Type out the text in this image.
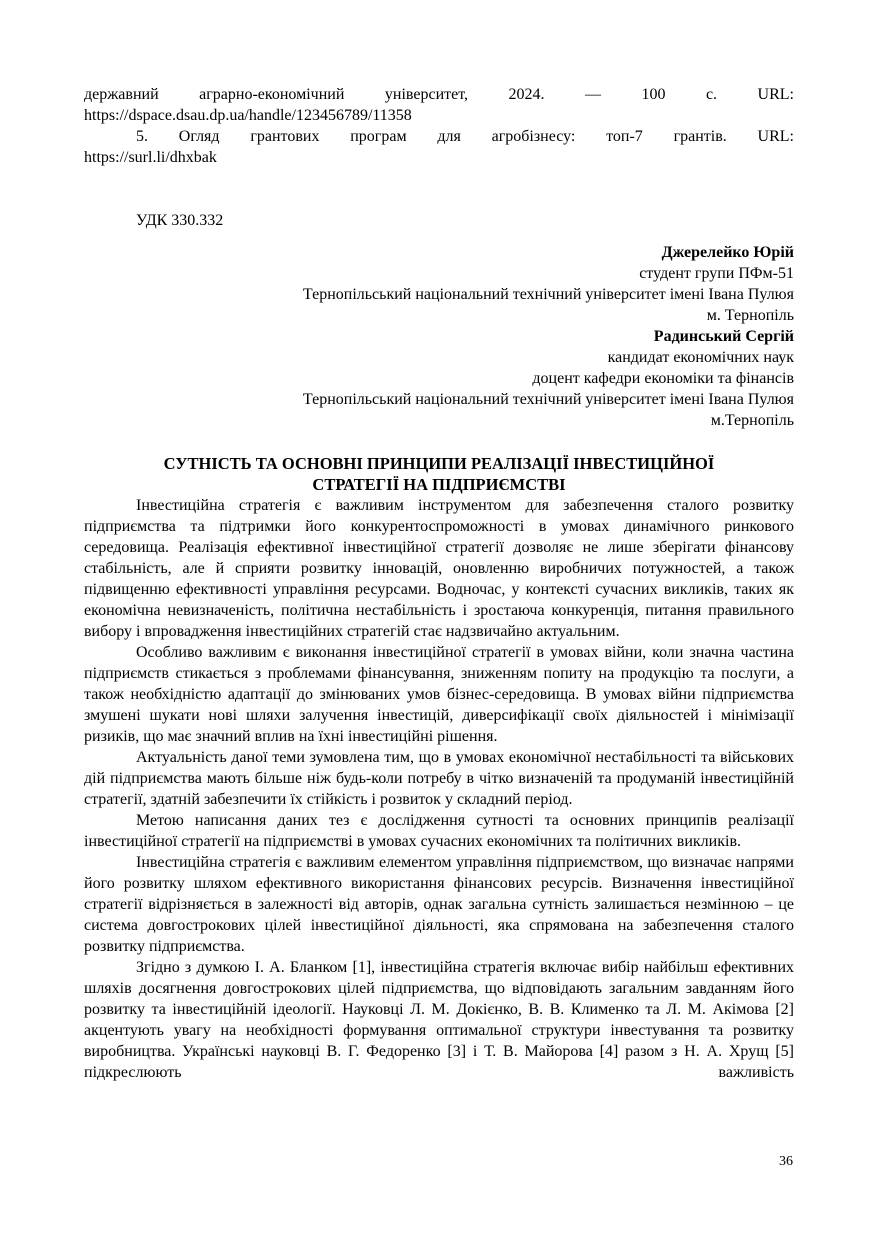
державний аграрно-економічний університет, 2024. — 100 с. URL:
https://dspace.dsau.dp.ua/handle/123456789/11358
5. Огляд грантових програм для агробізнесу: топ-7 грантів. URL:
https://surl.li/dhxbak
УДК 330.332
Джерелейко Юрій
студент групи ПФм-51
Тернопільський національний технічний університет імені Івана Пулюя
м. Тернопіль
Радинський Сергій
кандидат економічних наук
доцент кафедри економіки та фінансів
Тернопільський національний технічний університет імені Івана Пулюя
м.Тернопіль
СУТНІСТЬ ТА ОСНОВНІ ПРИНЦИПИ РЕАЛІЗАЦІЇ ІНВЕСТИЦІЙНОЇ
СТРАТЕГІЇ НА ПІДПРИЄМСТВІ

Інвестиційна стратегія є важливим інструментом для забезпечення сталого розвитку підприємства та підтримки його конкурентоспроможності в умовах динамічного ринкового середовища. Реалізація ефективної інвестиційної стратегії дозволяє не лише зберігати фінансову стабільність, але й сприяти розвитку інновацій, оновленню виробничих потужностей, а також підвищенню ефективності управління ресурсами. Водночас, у контексті сучасних викликів, таких як економічна невизначеність, політична нестабільність і зростаюча конкуренція, питання правильного вибору і впровадження інвестиційних стратегій стає надзвичайно актуальним.

Особливо важливим є виконання інвестиційної стратегії в умовах війни, коли значна частина підприємств стикається з проблемами фінансування, зниженням попиту на продукцію та послуги, а також необхідністю адаптації до змінюваних умов бізнес-середовища. В умовах війни підприємства змушені шукати нові шляхи залучення інвестицій, диверсифікації своїх діяльностей і мінімізації ризиків, що має значний вплив на їхні інвестиційні рішення.

Актуальність даної теми зумовлена тим, що в умовах економічної нестабільності та військових дій підприємства мають більше ніж будь-коли потребу в чітко визначеній та продуманій інвестиційній стратегії, здатній забезпечити їх стійкість і розвиток у складний період.

Метою написання даних тез є дослідження сутності та основних принципів реалізації інвестиційної стратегії на підприємстві в умовах сучасних економічних та політичних викликів.

Інвестиційна стратегія є важливим елементом управління підприємством, що визначає напрями його розвитку шляхом ефективного використання фінансових ресурсів. Визначення інвестиційної стратегії відрізняється в залежності від авторів, однак загальна сутність залишається незмінною – це система довгострокових цілей інвестиційної діяльності, яка спрямована на забезпечення сталого розвитку підприємства.

Згідно з думкою І. А. Бланком [1], інвестиційна стратегія включає вибір найбільш ефективних шляхів досягнення довгострокових цілей підприємства, що відповідають загальним завданням його розвитку та інвестиційній ідеології. Науковці Л. М. Докієнко, В. В. Клименко та Л. М. Акімова [2] акцентують увагу на необхідності формування оптимальної структури інвестування та розвитку виробництва. Українські науковці В. Г. Федоренко [3] і Т. В. Майорова [4] разом з Н. А. Хрущ [5] підкреслюють важливість

36
